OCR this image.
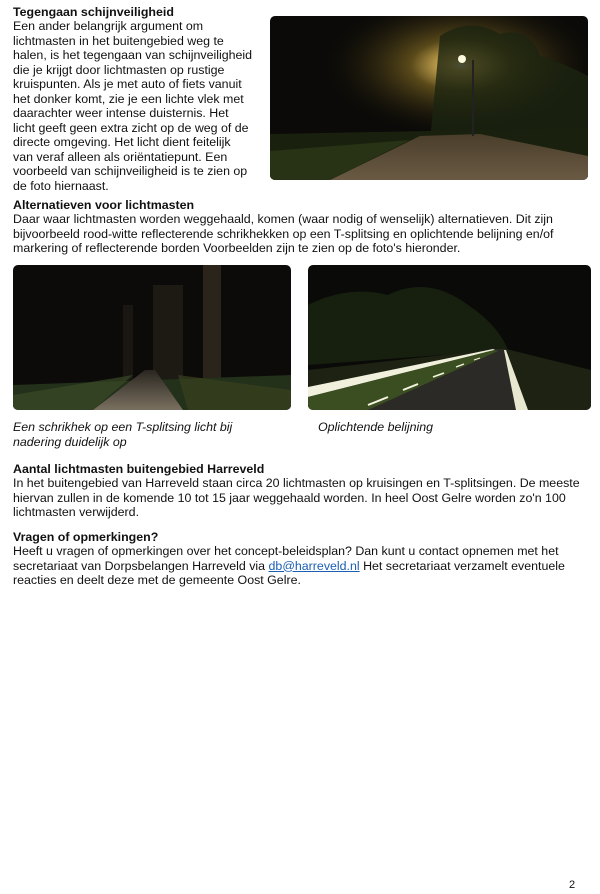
Tegengaan schijnveiligheid

Een ander belangrijk argument om lichtmasten in het buitengebied weg te halen, is het tegengaan van schijnveiligheid die je krijgt door lichtmasten op rustige kruispunten. Als je met auto of fiets vanuit het donker komt, zie je een lichte vlek met daarachter weer intense duisternis. Het licht geeft geen extra zicht op de weg of de directe omgeving. Het licht dient feitelijk van veraf alleen als oriëntatiepunt. Een voorbeeld van schijnveiligheid is te zien op de foto hiernaast.

Alternatieven voor lichtmasten

Daar waar lichtmasten worden weggehaald, komen (waar nodig of wenselijk) alternatieven. Dit zijn bijvoorbeeld rood-witte reflecterende schrikhekken op een T-splitsing en oplichtende belijning en/of markering of reflecterende borden Voorbeelden zijn te zien op de foto's hieronder.

Een schrikhek op een T-splitsing licht bij nadering duidelijk op

Oplichtende belijning

Aantal lichtmasten buitengebied Harreveld

In het buitengebied van Harreveld staan circa 20 lichtmasten op kruisingen en T-splitsingen. De meeste hiervan zullen in de komende 10 tot 15 jaar weggehaald worden. In heel Oost Gelre worden zo'n 100 lichtmasten verwijderd.

Vragen of opmerkingen?

Heeft u vragen of opmerkingen over het concept-beleidsplan? Dan kunt u contact opnemen met het secretariaat van Dorpsbelangen Harreveld via db@harreveld.nl Het secretariaat verzamelt eventuele reacties en deelt deze met de gemeente Oost Gelre.

2
